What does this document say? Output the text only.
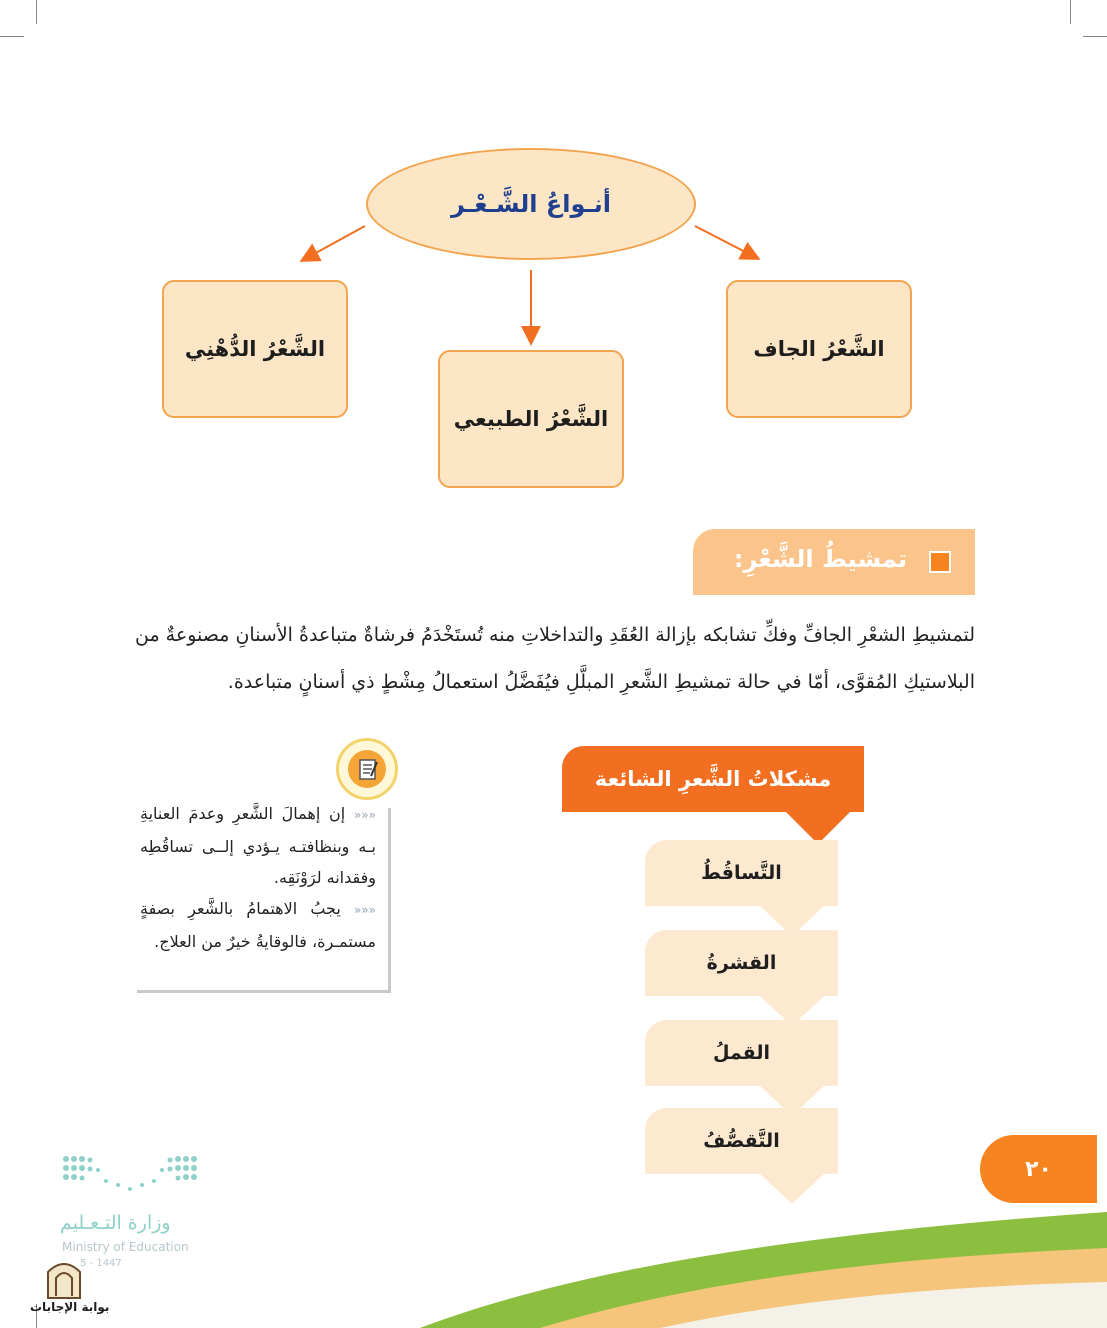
أنـواعُ الشَّـعْـر
الشَّعْرُ الدُّهْنِي
الشَّعْرُ الطبيعي
الشَّعْرُ الجاف
تمشيطُ الشَّعْرِ:
لتمشيطِ الشعْرِ الجافِّ وفكِّ تشابكه بإزالة العُقَدِ والتداخلاتِ منه تُستَخْدَمُ فرشاةٌ متباعدةُ الأسنانِ مصنوعةٌ من البلاستيكِ المُقوَّى، أمّا في حالة تمشيطِ الشَّعرِ المبلَّلِ فيُفَضَّلُ استعمالُ مِشْطٍ ذي أسنانٍ متباعدة.
مشكلاتُ الشَّعرِ الشائعة
التَّساقُطُ
القشرةُ
القملُ
التَّقصُّفُ
««« إن إهمالَ الشَّعرِ وعدمَ العنايةِ بـه وبنظافتـه يـؤدي إلــى تساقُطِه وفقدانه لرَوْنَقِه.
««« يجبُ الاهتمامُ بالشَّعرِ بصفةٍ مستمـرة، فالوقايةُ خيرٌ من العلاج.
٢٠
وزارة التـعـليم
Ministry of Education
5 - 1447
بوابة الإجابات
